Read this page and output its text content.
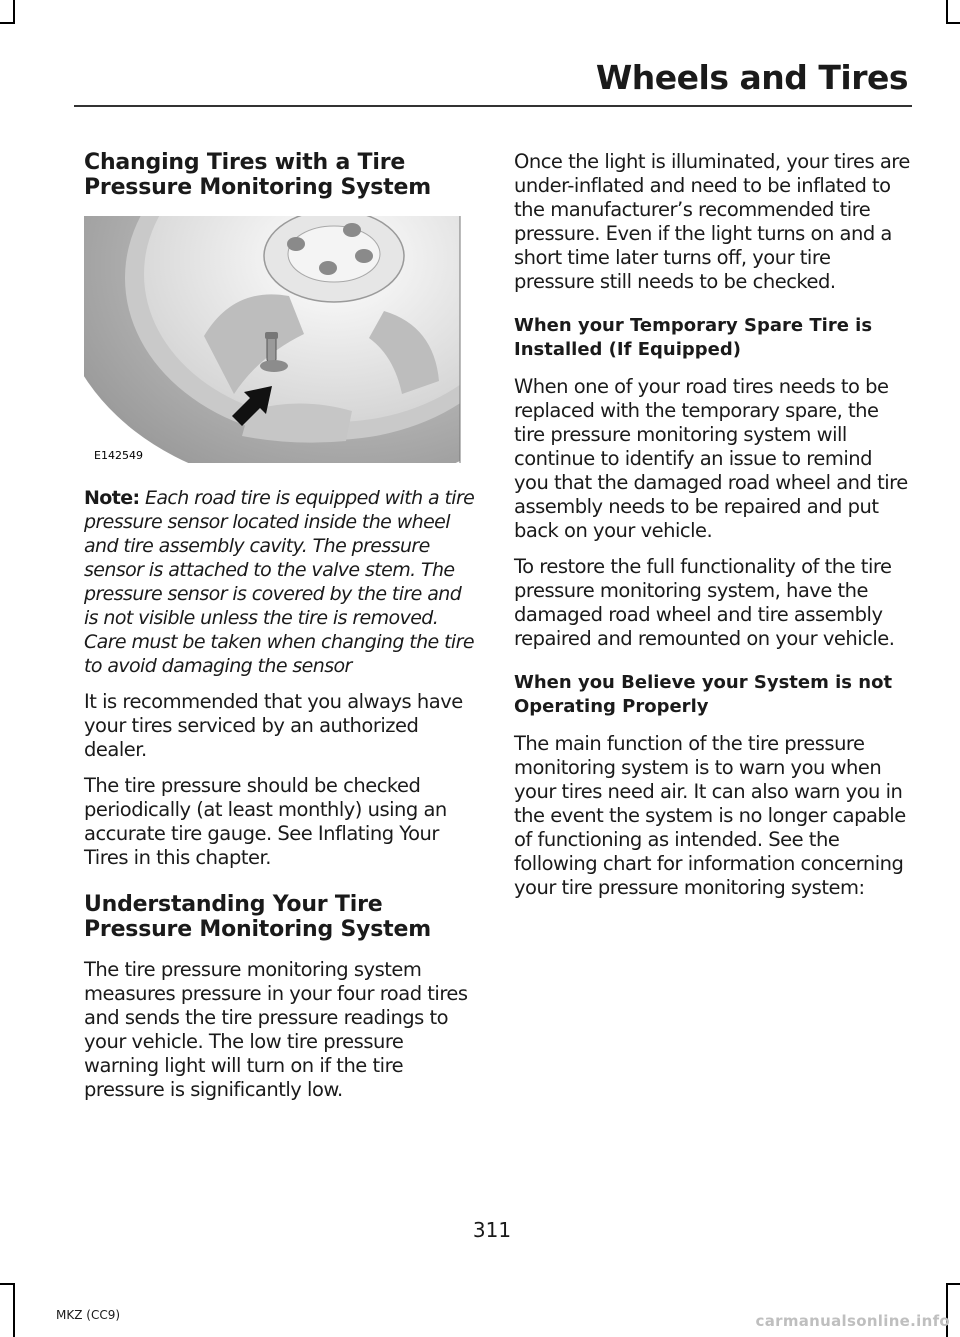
Wheels and Tires
Changing Tires with a Tire Pressure Monitoring System
E142549

Note: Each road tire is equipped with a tire pressure sensor located inside the wheel and tire assembly cavity. The pressure sensor is attached to the valve stem. The pressure sensor is covered by the tire and is not visible unless the tire is removed. Care must be taken when changing the tire to avoid damaging the sensor

It is recommended that you always have your tires serviced by an authorized dealer.

The tire pressure should be checked periodically (at least monthly) using an accurate tire gauge. See Inflating Your Tires in this chapter.

Understanding Your Tire Pressure Monitoring System

The tire pressure monitoring system measures pressure in your four road tires and sends the tire pressure readings to your vehicle. The low tire pressure warning light will turn on if the tire pressure is significantly low.

Once the light is illuminated, your tires are under-inflated and need to be inflated to the manufacturer’s recommended tire pressure. Even if the light turns on and a short time later turns off, your tire pressure still needs to be checked.

When your Temporary Spare Tire is Installed (If Equipped)

When one of your road tires needs to be replaced with the temporary spare, the tire pressure monitoring system will continue to identify an issue to remind you that the damaged road wheel and tire assembly needs to be repaired and put back on your vehicle.

To restore the full functionality of the tire pressure monitoring system, have the damaged road wheel and tire assembly repaired and remounted on your vehicle.

When you Believe your System is not Operating Properly

The main function of the tire pressure monitoring system is to warn you when your tires need air. It can also warn you in the event the system is no longer capable of functioning as intended. See the following chart for information concerning your tire pressure monitoring system:

311
MKZ (CC9)	carmanualsonline.info
